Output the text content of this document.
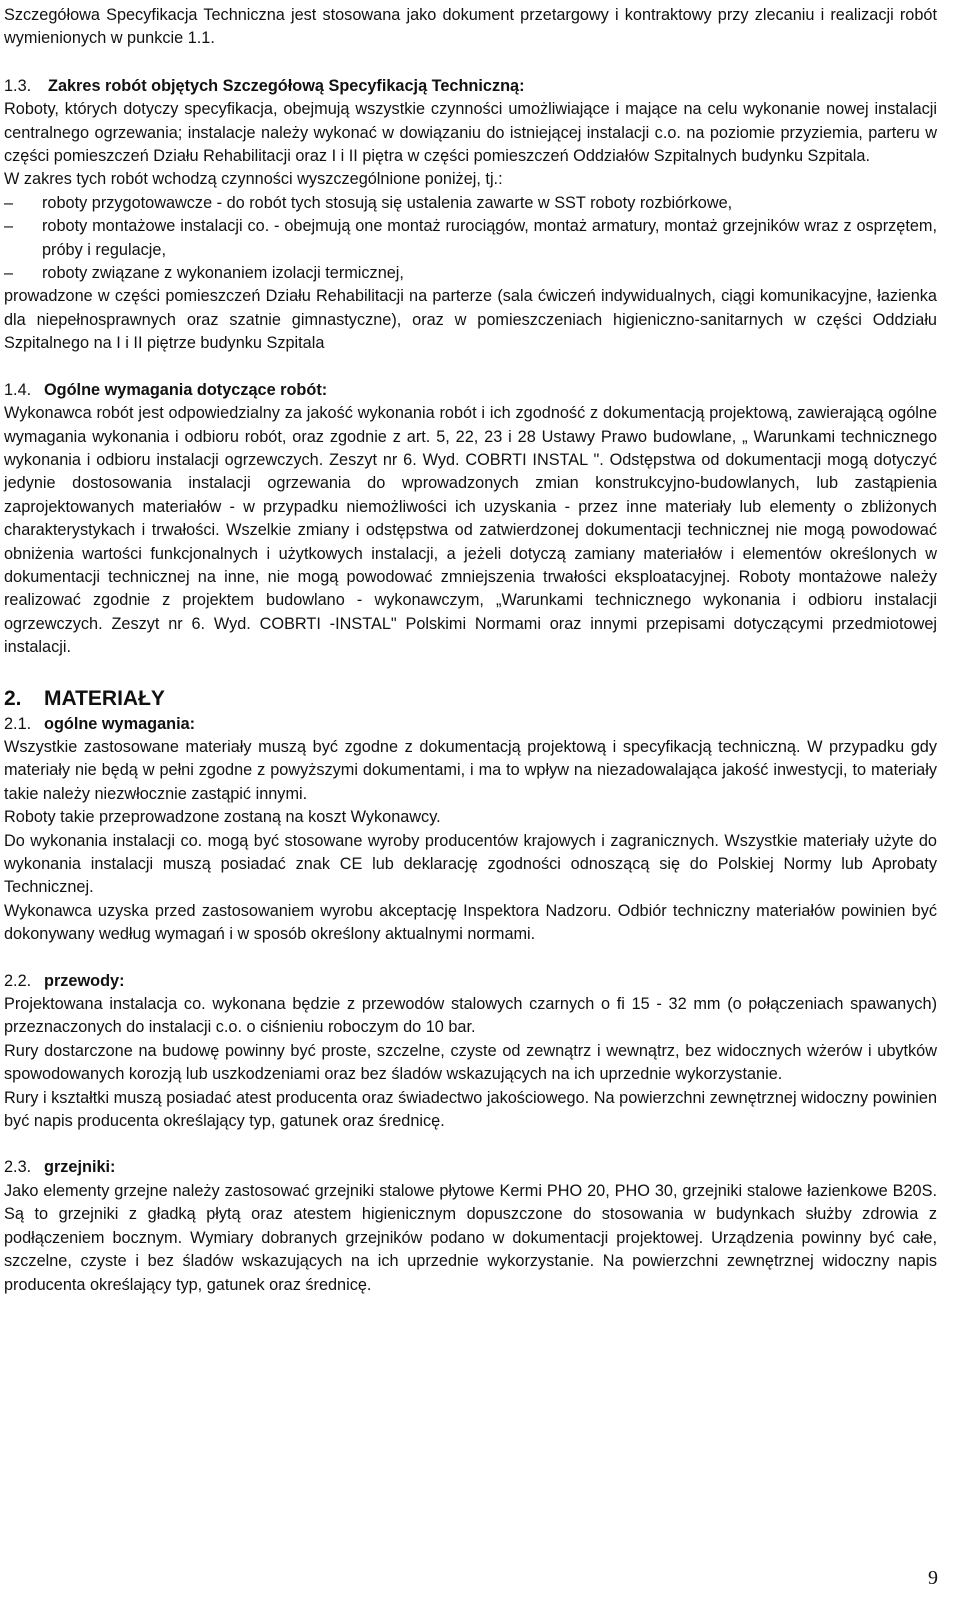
Szczegółowa Specyfikacja Techniczna jest stosowana jako dokument przetargowy i kontraktowy przy zlecaniu i realizacji robót wymienionych w punkcie 1.1.

1.3. Zakres robót objętych Szczegółową Specyfikacją Techniczną:

Roboty, których dotyczy specyfikacja, obejmują wszystkie czynności umożliwiające i mające na celu wykonanie nowej instalacji centralnego ogrzewania; instalacje należy wykonać w dowiązaniu do istniejącej instalacji c.o. na poziomie przyziemia, parteru w części pomieszczeń Działu Rehabilitacji oraz I i II piętra w części pomieszczeń Oddziałów Szpitalnych budynku Szpitala.

W zakres tych robót wchodzą czynności wyszczególnione poniżej, tj.:

–	roboty przygotowawcze - do robót tych stosują się ustalenia zawarte w SST roboty rozbiórkowe,
–	roboty montażowe instalacji co. - obejmują one montaż rurociągów, montaż armatury, montaż grzejników wraz z osprzętem, próby i regulacje,
–	roboty związane z wykonaniem izolacji termicznej,

prowadzone w części pomieszczeń Działu Rehabilitacji na parterze (sala ćwiczeń indywidualnych, ciągi komunikacyjne, łazienka dla niepełnosprawnych oraz szatnie gimnastyczne), oraz w pomieszczeniach higieniczno-sanitarnych w części Oddziału Szpitalnego na I i II piętrze budynku Szpitala

1.4. Ogólne wymagania dotyczące robót:

Wykonawca robót jest odpowiedzialny za jakość wykonania robót i ich zgodność z dokumentacją projektową, zawierającą ogólne wymagania wykonania i odbioru robót, oraz zgodnie z art. 5, 22, 23 i 28 Ustawy Prawo budowlane, „ Warunkami technicznego wykonania i odbioru instalacji ogrzewczych. Zeszyt nr 6. Wyd. COBRTI INSTAL ". Odstępstwa od dokumentacji mogą dotyczyć jedynie dostosowania instalacji ogrzewania do wprowadzonych zmian konstrukcyjno-budowlanych, lub zastąpienia zaprojektowanych materiałów - w przypadku niemożliwości ich uzyskania - przez inne materiały lub elementy o zbliżonych charakterystykach i trwałości. Wszelkie zmiany i odstępstwa od zatwierdzonej dokumentacji technicznej nie mogą powodować obniżenia wartości funkcjonalnych i użytkowych instalacji, a jeżeli dotyczą zamiany materiałów i elementów określonych w dokumentacji technicznej na inne, nie mogą powodować zmniejszenia trwałości eksploatacyjnej. Roboty montażowe należy realizować zgodnie z projektem budowlano - wykonawczym, „Warunkami technicznego wykonania i odbioru instalacji ogrzewczych. Zeszyt nr 6. Wyd. COBRTI -INSTAL" Polskimi Normami oraz innymi przepisami dotyczącymi przedmiotowej instalacji.

2. MATERIAŁY

2.1. ogólne wymagania:

Wszystkie zastosowane materiały muszą być zgodne z dokumentacją projektową i specyfikacją techniczną. W przypadku gdy materiały nie będą w pełni zgodne z powyższymi dokumentami, i ma to wpływ na niezadowalająca jakość inwestycji, to materiały takie należy niezwłocznie zastąpić innymi.

Roboty takie przeprowadzone zostaną na koszt Wykonawcy.

Do wykonania instalacji co. mogą być stosowane wyroby producentów krajowych i zagranicznych. Wszystkie materiały użyte do wykonania instalacji muszą posiadać znak CE lub deklarację zgodności odnoszącą się do Polskiej Normy lub Aprobaty Technicznej.

Wykonawca uzyska przed zastosowaniem wyrobu akceptację Inspektora Nadzoru. Odbiór techniczny materiałów powinien być dokonywany według wymagań i w sposób określony aktualnymi normami.

2.2. przewody:

Projektowana instalacja co. wykonana będzie z przewodów stalowych czarnych o fi 15 - 32 mm (o połączeniach spawanych) przeznaczonych do instalacji c.o. o ciśnieniu roboczym do 10 bar.

Rury dostarczone na budowę powinny być proste, szczelne, czyste od zewnątrz i wewnątrz, bez widocznych wżerów i ubytków spowodowanych korozją lub uszkodzeniami oraz bez śladów wskazujących na ich uprzednie wykorzystanie.

Rury i kształtki muszą posiadać atest producenta oraz świadectwo jakościowego. Na powierzchni zewnętrznej widoczny powinien być napis producenta określający typ, gatunek oraz średnicę.

2.3. grzejniki:

Jako elementy grzejne należy zastosować grzejniki stalowe płytowe Kermi PHO 20, PHO 30, grzejniki stalowe łazienkowe B20S. Są to grzejniki z gładką płytą oraz atestem higienicznym dopuszczone do stosowania w budynkach służby zdrowia z podłączeniem bocznym. Wymiary dobranych grzejników podano w dokumentacji projektowej. Urządzenia powinny być całe, szczelne, czyste i bez śladów wskazujących na ich uprzednie wykorzystanie. Na powierzchni zewnętrznej widoczny napis producenta określający typ, gatunek oraz średnicę.

9
